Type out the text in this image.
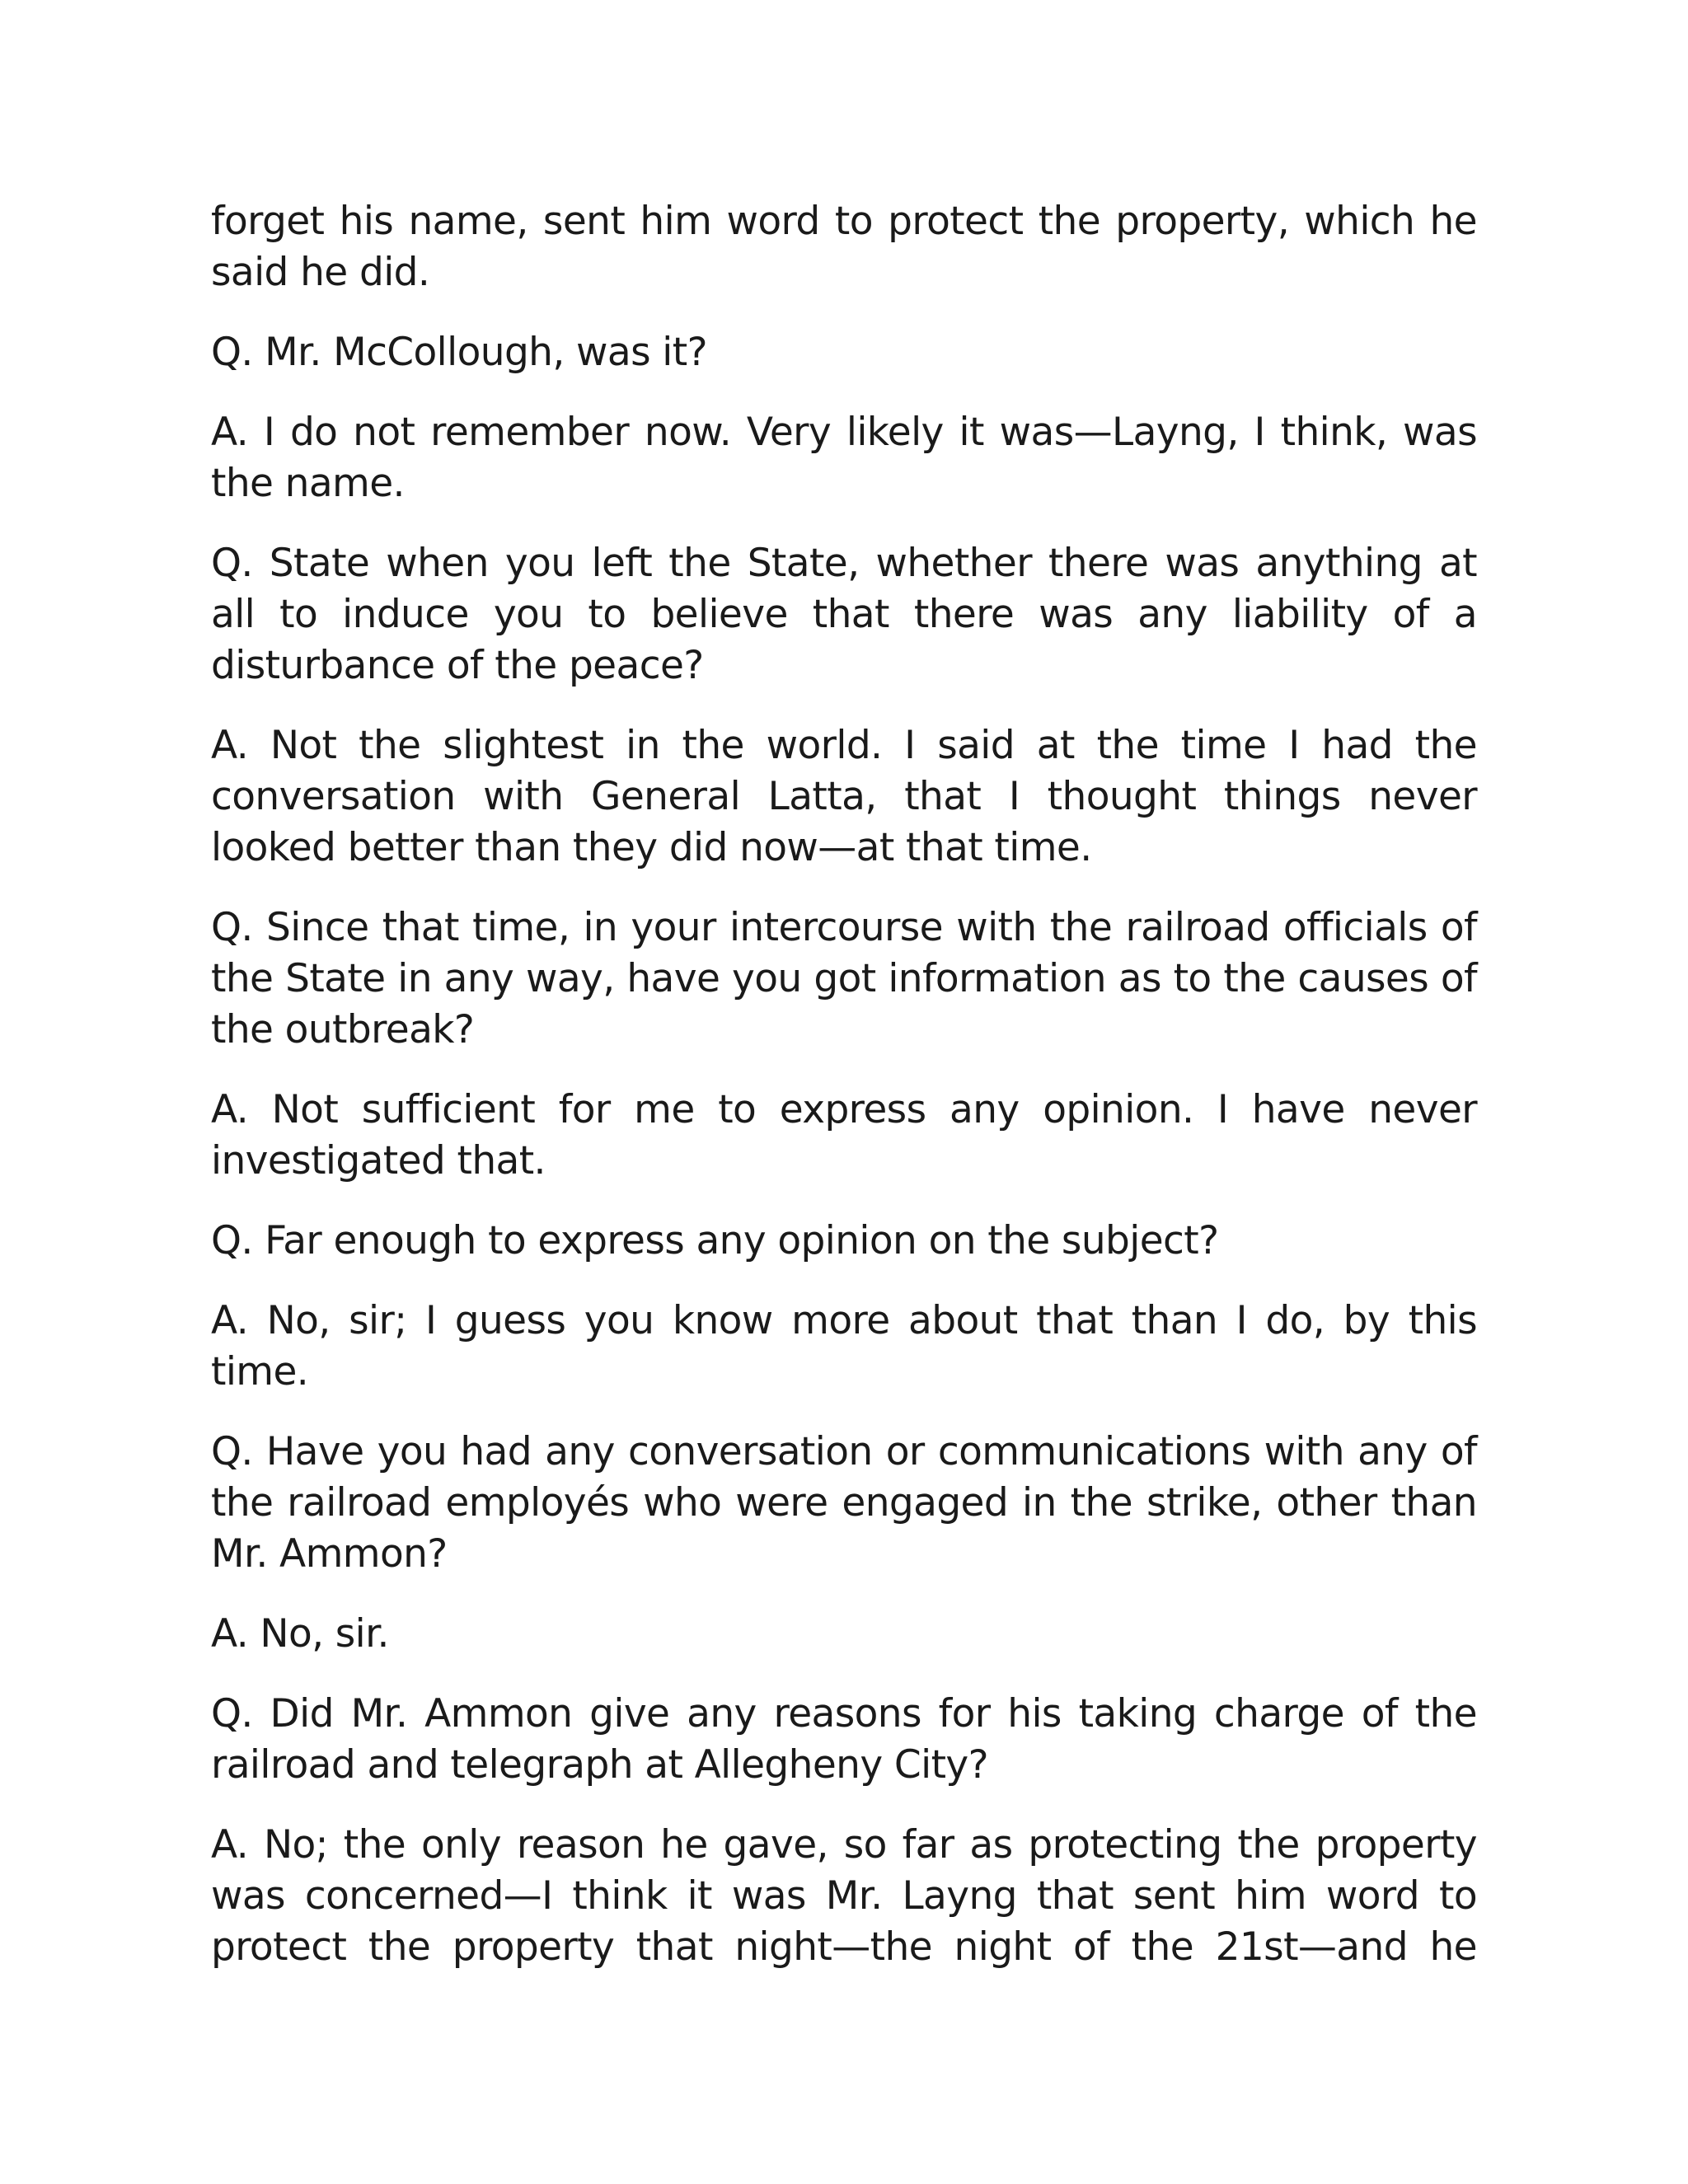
forget his name, sent him word to protect the property, which he said he did.

Q. Mr. McCollough, was it?

A. I do not remember now. Very likely it was—Layng, I think, was the name.

Q. State when you left the State, whether there was anything at all to induce you to believe that there was any liability of a disturbance of the peace?

A. Not the slightest in the world. I said at the time I had the conversation with General Latta, that I thought things never looked better than they did now—at that time.

Q. Since that time, in your intercourse with the railroad officials of the State in any way, have you got information as to the causes of the outbreak?

A. Not sufficient for me to express any opinion. I have never investigated that.

Q. Far enough to express any opinion on the subject?

A. No, sir; I guess you know more about that than I do, by this time.

Q. Have you had any conversation or communications with any of the railroad employés who were engaged in the strike, other than Mr. Ammon?

A. No, sir.

Q. Did Mr. Ammon give any reasons for his taking charge of the railroad and telegraph at Allegheny City?

A. No; the only reason he gave, so far as protecting the property was concerned—I think it was Mr. Layng that sent him word to protect the property that night—the night of the 21st—and he
